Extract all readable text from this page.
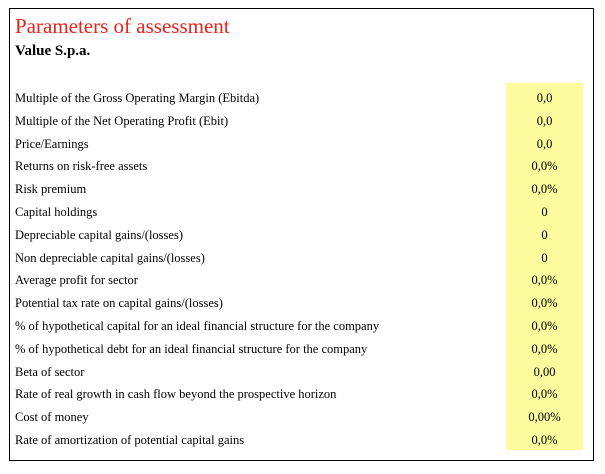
Parameters of assessment
Value S.p.a.
Multiple of the Gross Operating Margin (Ebitda)	0,0
Multiple of the Net Operating Profit (Ebit)	0,0
Price/Earnings	0,0
Returns on risk-free assets	0,0%
Risk premium	0,0%
Capital holdings	0
Depreciable capital gains/(losses)	0
Non depreciable capital gains/(losses)	0
Average profit for sector	0,0%
Potential tax rate on capital gains/(losses)	0,0%
% of hypothetical capital for an ideal financial structure for the company	0,0%
% of hypothetical debt for an ideal financial structure for the company	0,0%
Beta of sector	0,00
Rate of real growth in cash flow beyond the prospective horizon	0,0%
Cost of money	0,00%
Rate of amortization of potential capital gains	0,0%
